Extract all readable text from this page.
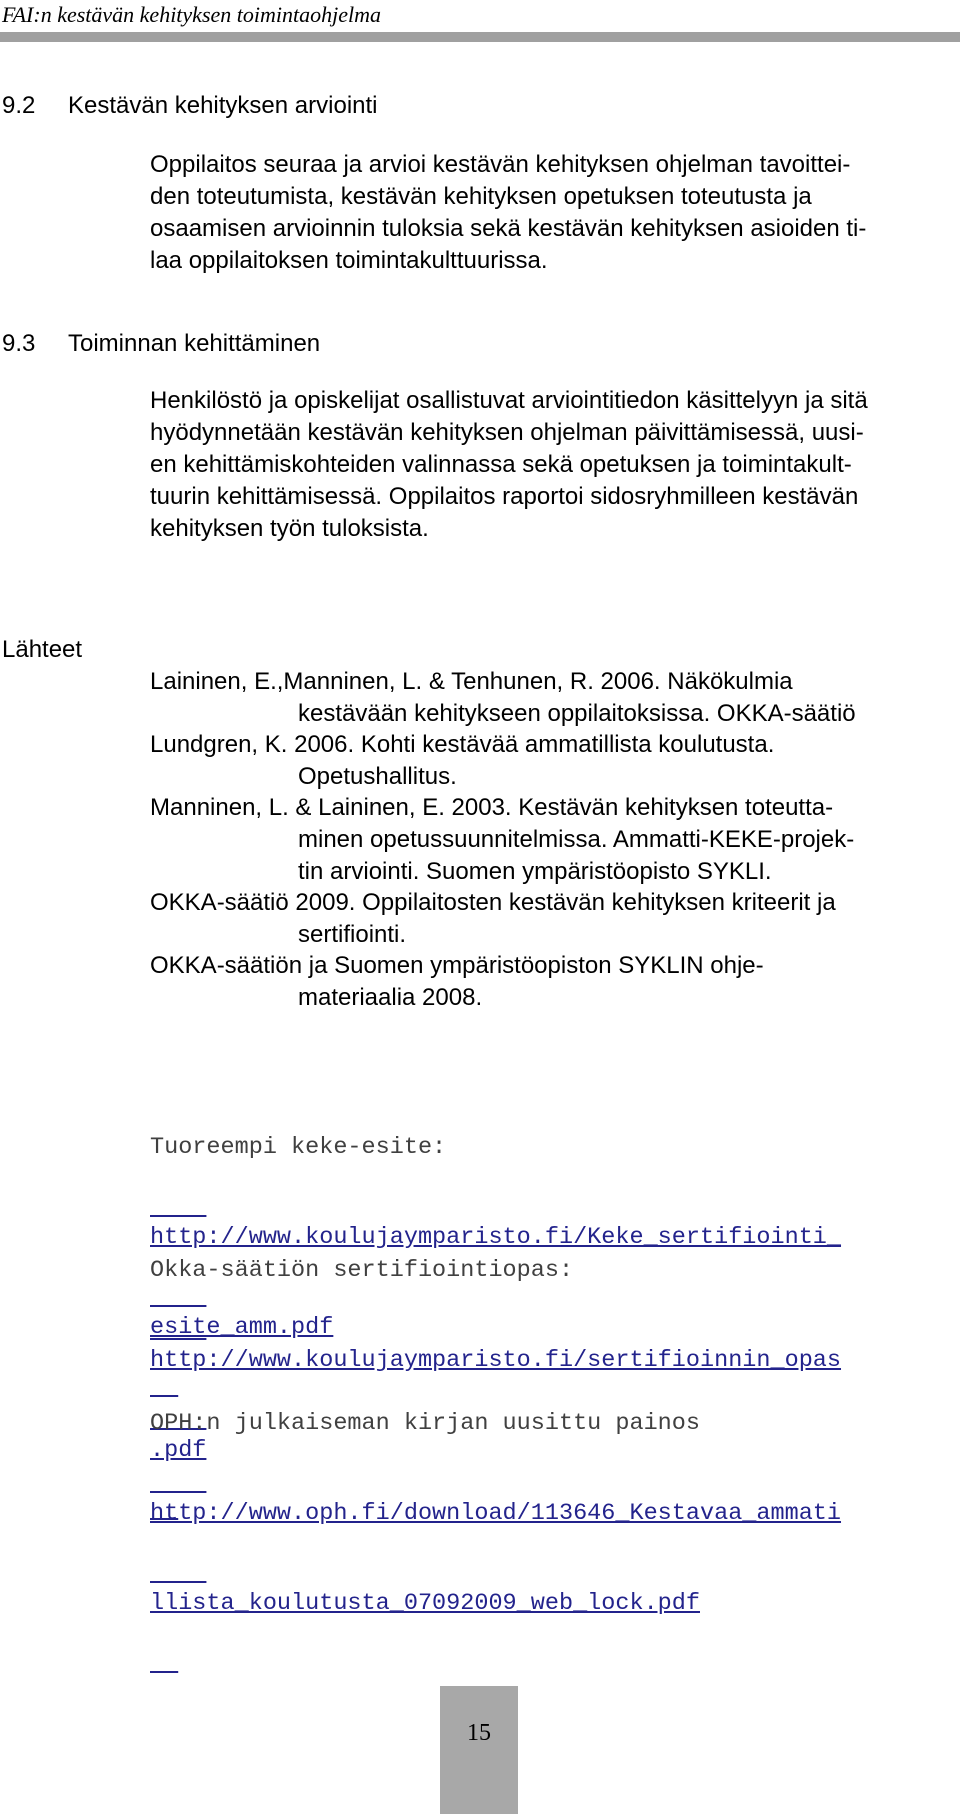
FAI:n kestävän kehityksen toimintaohjelma
9.2 Kestävän kehityksen arviointi

Oppilaitos seuraa ja arvioi kestävän kehityksen ohjelman tavoittei-
den toteutumista, kestävän kehityksen opetuksen toteutusta ja
osaamisen arvioinnin tuloksia sekä kestävän kehityksen asioiden ti-
laa oppilaitoksen toimintakulttuurissa.

9.3 Toiminnan kehittäminen

Henkilöstö ja opiskelijat osallistuvat arviointitiedon käsittelyyn ja sitä
hyödynnetään kestävän kehityksen ohjelman päivittämisessä, uusi-
en kehittämiskohteiden valinnassa sekä opetuksen ja toimintakult-
tuurin kehittämisessä. Oppilaitos raportoi sidosryhmilleen kestävän
kehityksen työn tuloksista.

Lähteet
Laininen, E.,Manninen, L. & Tenhunen, R. 2006. Näkökulmia
kestävään kehitykseen oppilaitoksissa. OKKA-säätiö
Lundgren, K. 2006. Kohti kestävää ammatillista koulutusta.
Opetushallitus.
Manninen, L. & Laininen, E. 2003. Kestävän kehityksen toteutta-
minen opetussuunnitelmissa. Ammatti-KEKE-projek-
tin arviointi. Suomen ympäristöopisto SYKLI.
OKKA-säätiö 2009. Oppilaitosten kestävän kehityksen kriteerit ja
sertifiointi.
OKKA-säätiön ja Suomen ympäristöopiston SYKLIN ohje-
materiaalia 2008.
Tuoreempi keke-esite:

http://www.koulujaymparisto.fi/Keke_sertifiointi_

esite_amm.pdf

Okka-säätiön sertifiointiopas:

http://www.koulujaymparisto.fi/sertifioinnin_opas

.pdf

OPH:n julkaiseman kirjan uusittu painos

http://www.oph.fi/download/113646_Kestavaa_ammati

llista_koulutusta_07092009_web_lock.pdf

15
